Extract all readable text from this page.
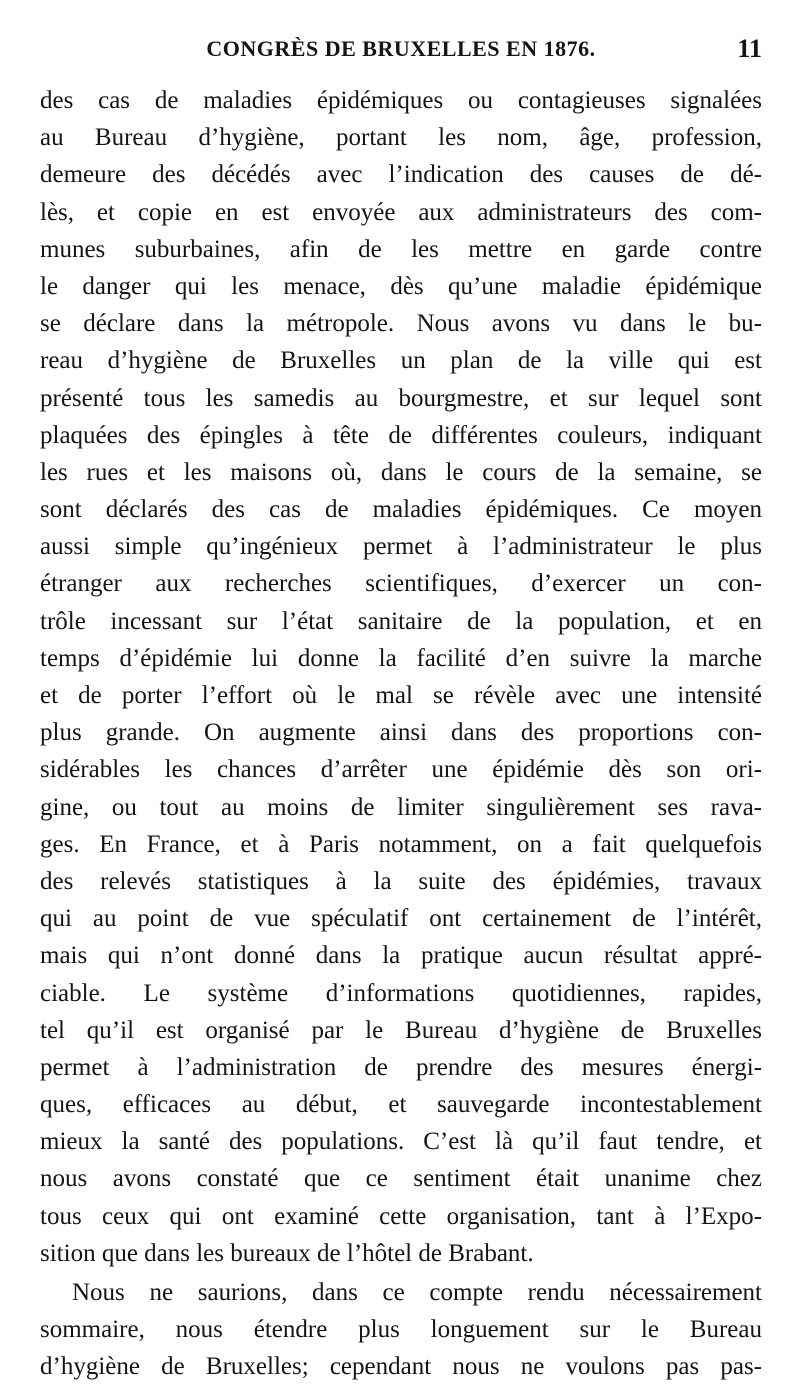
CONGRÈS DE BRUXELLES EN 1876.	11
des cas de maladies épidémiques ou contagieuses signalées
au Bureau d’hygiène, portant les nom, âge, profession,
demeure des décédés avec l’indication des causes de dé-
lès, et copie en est envoyée aux administrateurs des com-
munes suburbaines, afin de les mettre en garde contre
le danger qui les menace, dès qu’une maladie épidémique
se déclare dans la métropole. Nous avons vu dans le bu-
reau d’hygiène de Bruxelles un plan de la ville qui est
présenté tous les samedis au bourgmestre, et sur lequel sont
plaquées des épingles à tête de différentes couleurs, indiquant
les rues et les maisons où, dans le cours de la semaine, se
sont déclarés des cas de maladies épidémiques. Ce moyen
aussi simple qu’ingénieux permet à l’administrateur le plus
étranger aux recherches scientifiques, d’exercer un con-
trôle incessant sur l’état sanitaire de la population, et en
temps d’épidémie lui donne la facilité d’en suivre la marche
et de porter l’effort où le mal se révèle avec une intensité
plus grande. On augmente ainsi dans des proportions con-
sidérables les chances d’arrêter une épidémie dès son ori-
gine, ou tout au moins de limiter singulièrement ses rava-
ges. En France, et à Paris notamment, on a fait quelquefois
des relevés statistiques à la suite des épidémies, travaux
qui au point de vue spéculatif ont certainement de l’intérêt,
mais qui n’ont donné dans la pratique aucun résultat appré-
ciable. Le système d’informations quotidiennes, rapides,
tel qu’il est organisé par le Bureau d’hygiène de Bruxelles
permet à l’administration de prendre des mesures énergi-
ques, efficaces au début, et sauvegarde incontestablement
mieux la santé des populations. C’est là qu’il faut tendre, et
nous avons constaté que ce sentiment était unanime chez
tous ceux qui ont examiné cette organisation, tant à l’Expo-
sition que dans les bureaux de l’hôtel de Brabant.
Nous ne saurions, dans ce compte rendu nécessairement
sommaire, nous étendre plus longuement sur le Bureau
d’hygiène de Bruxelles; cependant nous ne voulons pas pas-
